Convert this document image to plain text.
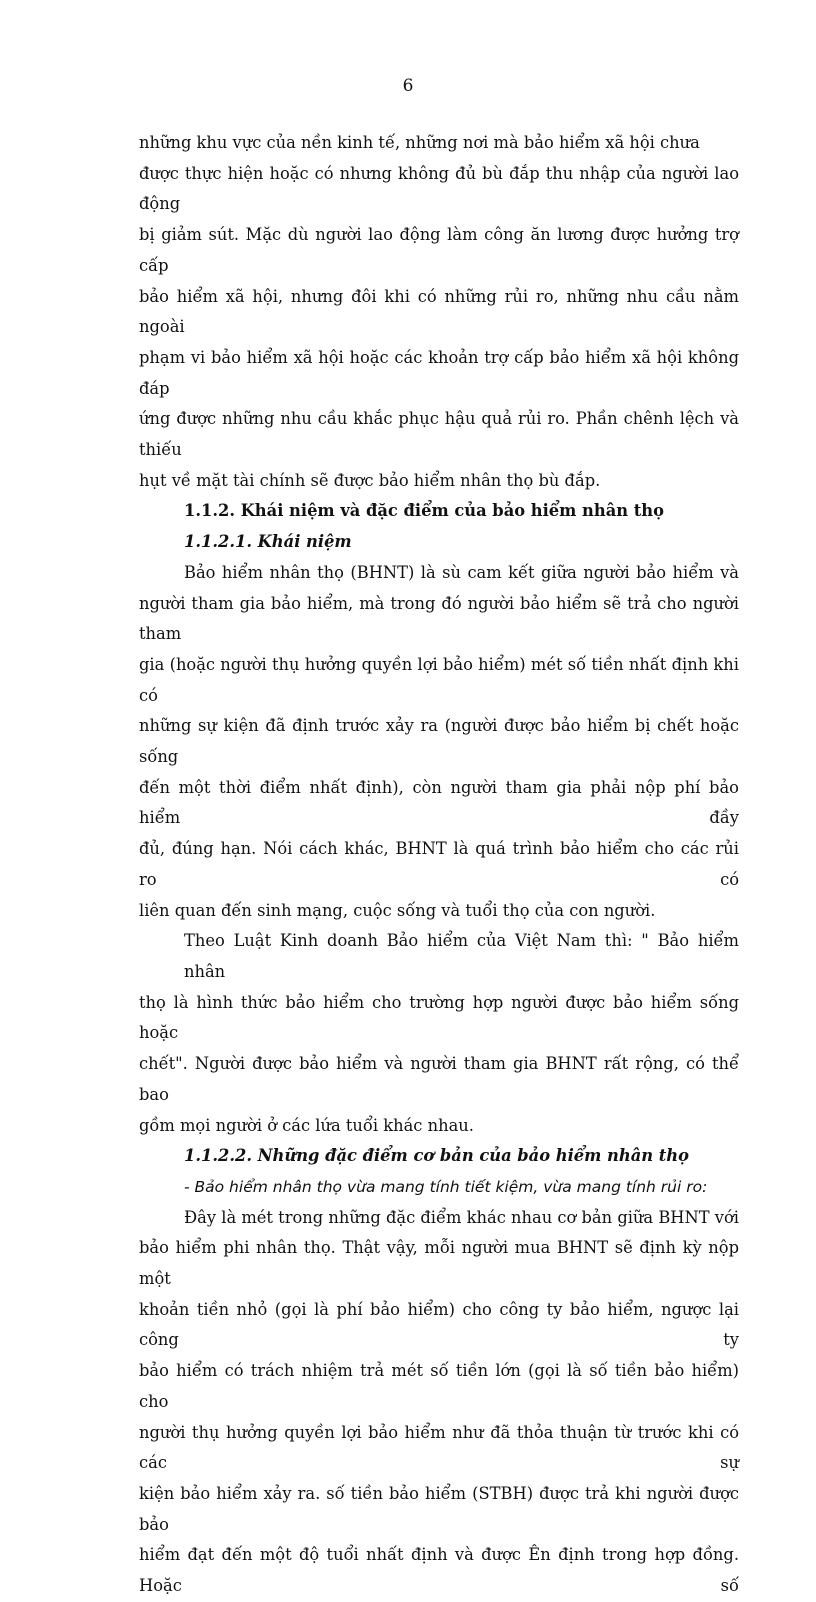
6

những khu vực của nền kinh tế, những nơi mà bảo hiểm xã hội chưa
được thực hiện hoặc có nhưng không đủ bù đắp thu nhập của người lao động
bị giảm sút. Mặc dù người lao động làm công ăn lương được hưởng trợ cấp
bảo hiểm xã hội, nhưng đôi khi có những rủi ro, những nhu cầu nằm ngoài
phạm vi bảo hiểm xã hội hoặc các khoản trợ cấp bảo hiểm xã hội không đáp
ứng được những nhu cầu khắc phục hậu quả rủi ro. Phần chênh lệch và thiếu
hụt về mặt tài chính sẽ được bảo hiểm nhân thọ bù đắp.

1.1.2. Khái niệm và đặc điểm của bảo hiểm nhân thọ

1.1.2.1. Khái niệm

Bảo hiểm nhân thọ (BHNT) là sù cam kết giữa người bảo hiểm và
người tham gia bảo hiểm, mà trong đó người bảo hiểm sẽ trả cho người tham
gia (hoặc người thụ hưởng quyền lợi bảo hiểm) mét số tiền nhất định khi có
những sự kiện đã định trước xảy ra (người được bảo hiểm bị chết hoặc sống
đến một thời điểm nhất định), còn người tham gia phải nộp phí bảo hiểm đầy
đủ, đúng hạn. Nói cách khác, BHNT là quá trình bảo hiểm cho các rủi ro có
liên quan đến sinh mạng, cuộc sống và tuổi thọ của con người.

Theo Luật Kinh doanh Bảo hiểm của Việt Nam thì: " Bảo hiểm nhân
thọ là hình thức bảo hiểm cho trường hợp người được bảo hiểm sống hoặc
chết". Người được bảo hiểm và người tham gia BHNT rất rộng, có thể bao
gồm mọi người ở các lứa tuổi khác nhau.

1.1.2.2. Những đặc điểm cơ bản của bảo hiểm nhân thọ

- Bảo hiểm nhân thọ vừa mang tính tiết kiệm, vừa mang tính rủi ro:

Đây là mét trong những đặc điểm khác nhau cơ bản giữa BHNT với
bảo hiểm phi nhân thọ. Thật vậy, mỗi người mua BHNT sẽ định kỳ nộp một
khoản tiền nhỏ (gọi là phí bảo hiểm) cho công ty bảo hiểm, ngược lại công ty
bảo hiểm có trách nhiệm trả mét số tiền lớn (gọi là số tiền bảo hiểm) cho
người thụ hưởng quyền lợi bảo hiểm như đã thỏa thuận từ trước khi có các sự
kiện bảo hiểm xảy ra. số tiền bảo hiểm (STBH) được trả khi người được bảo
hiểm đạt đến một độ tuổi nhất định và được Ên định trong hợp đồng. Hoặc số
